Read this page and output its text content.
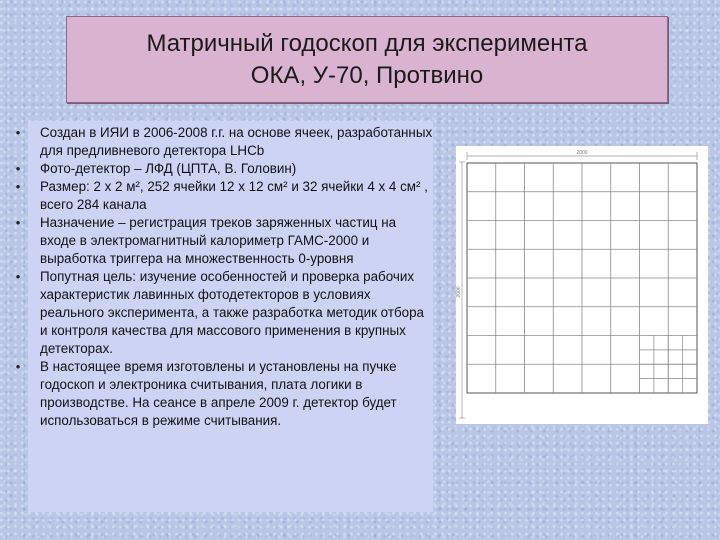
Матричный годоскоп для эксперимента
ОКА, У-70, Протвино
• Создан в ИЯИ в 2006-2008 г.г. на основе ячеек, разработанных для предливневого детектора LHCb
• Фото-детектор – ЛФД (ЦПТА, В. Головин)
• Размер: 2 х 2 м², 252 ячейки 12 х 12 см² и 32 ячейки 4 х 4 см² , всего 284 канала
• Назначение – регистрация треков заряженных частиц на входе в электромагнитный калориметр ГАМС-2000 и выработка триггера на множественность 0-уровня
• Попутная цель: изучение особенностей и проверка рабочих характеристик лавинных фотодетекторов в условиях реального эксперимента, а также разработка методик отбора и контроля качества для массового применения в крупных детекторах.
• В настоящее время изготовлены и установлены на пучке годоскоп и электроника считывания, плата логики в производстве. На сеансе в апреле 2009 г. детектор будет использоваться в режиме считывания.
2000
2000
